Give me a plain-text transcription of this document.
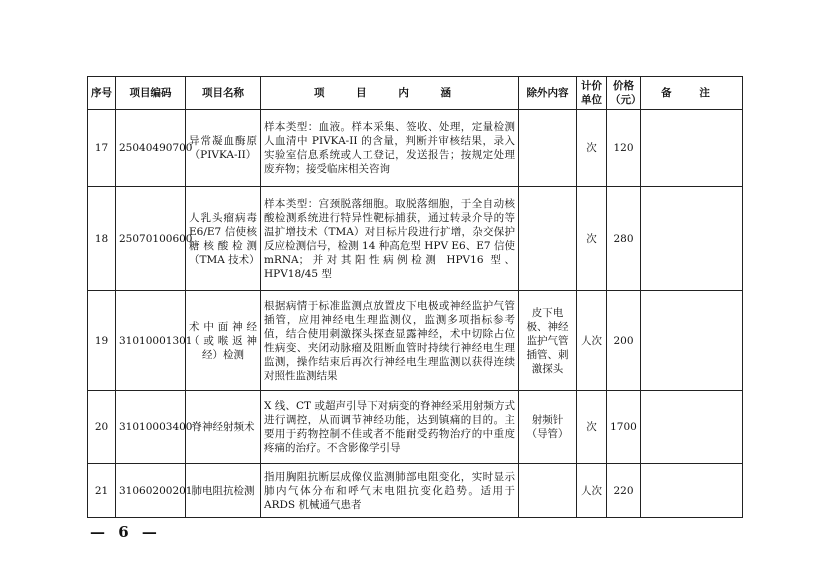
序号	项目编码	项目名称	项 目 内 涵	除外内容	计价单位	价格（元）	备 注
17	25040490700	异常凝血酶原（PIVKA-II）	样本类型：血液。样本采集、签收、处理，定量检测人血清中 PIVKA-II 的含量，判断并审核结果，录入实验室信息系统或人工登记，发送报告；按规定处理废弃物；接受临床相关咨询		次	120	
18	25070100600	人乳头瘤病毒 E6/E7 信使核糖核酸检测（TMA 技术）	样本类型：宫颈脱落细胞。取脱落细胞，于全自动核酸检测系统进行特异性靶标捕获，通过转录介导的等温扩增技术（TMA）对目标片段进行扩增，杂交保护反应检测信号，检测 14 种高危型 HPV E6、E7 信使 mRNA；并对其阳性病例检测 HPV16 型、HPV18/45 型		次	280	
19	31010001301	术中面神经（或喉返神经）检测	根据病情于标准监测点放置皮下电极或神经监护气管插管，应用神经电生理监测仪，监测多项指标参考值，结合使用刺激探头探查显露神经，术中切除占位性病变、夹闭动脉瘤及阻断血管时持续行神经电生理监测，操作结束后再次行神经电生理监测以获得连续对照性监测结果	皮下电极、神经监护气管插管、刺激探头	人次	200	
20	31010003400	脊神经射频术	X 线、CT 或超声引导下对病变的脊神经采用射频方式进行调控，从而调节神经功能，达到镇痛的目的。主要用于药物控制不佳或者不能耐受药物治疗的中重度疼痛的治疗。不含影像学引导	射频针（导管）	次	1700	
21	31060200201	肺电阻抗检测	指用胸阻抗断层成像仪监测肺部电阻变化，实时显示肺内气体分布和呼气末电阻抗变化趋势。适用于 ARDS 机械通气患者		人次	220	
— 6 —
